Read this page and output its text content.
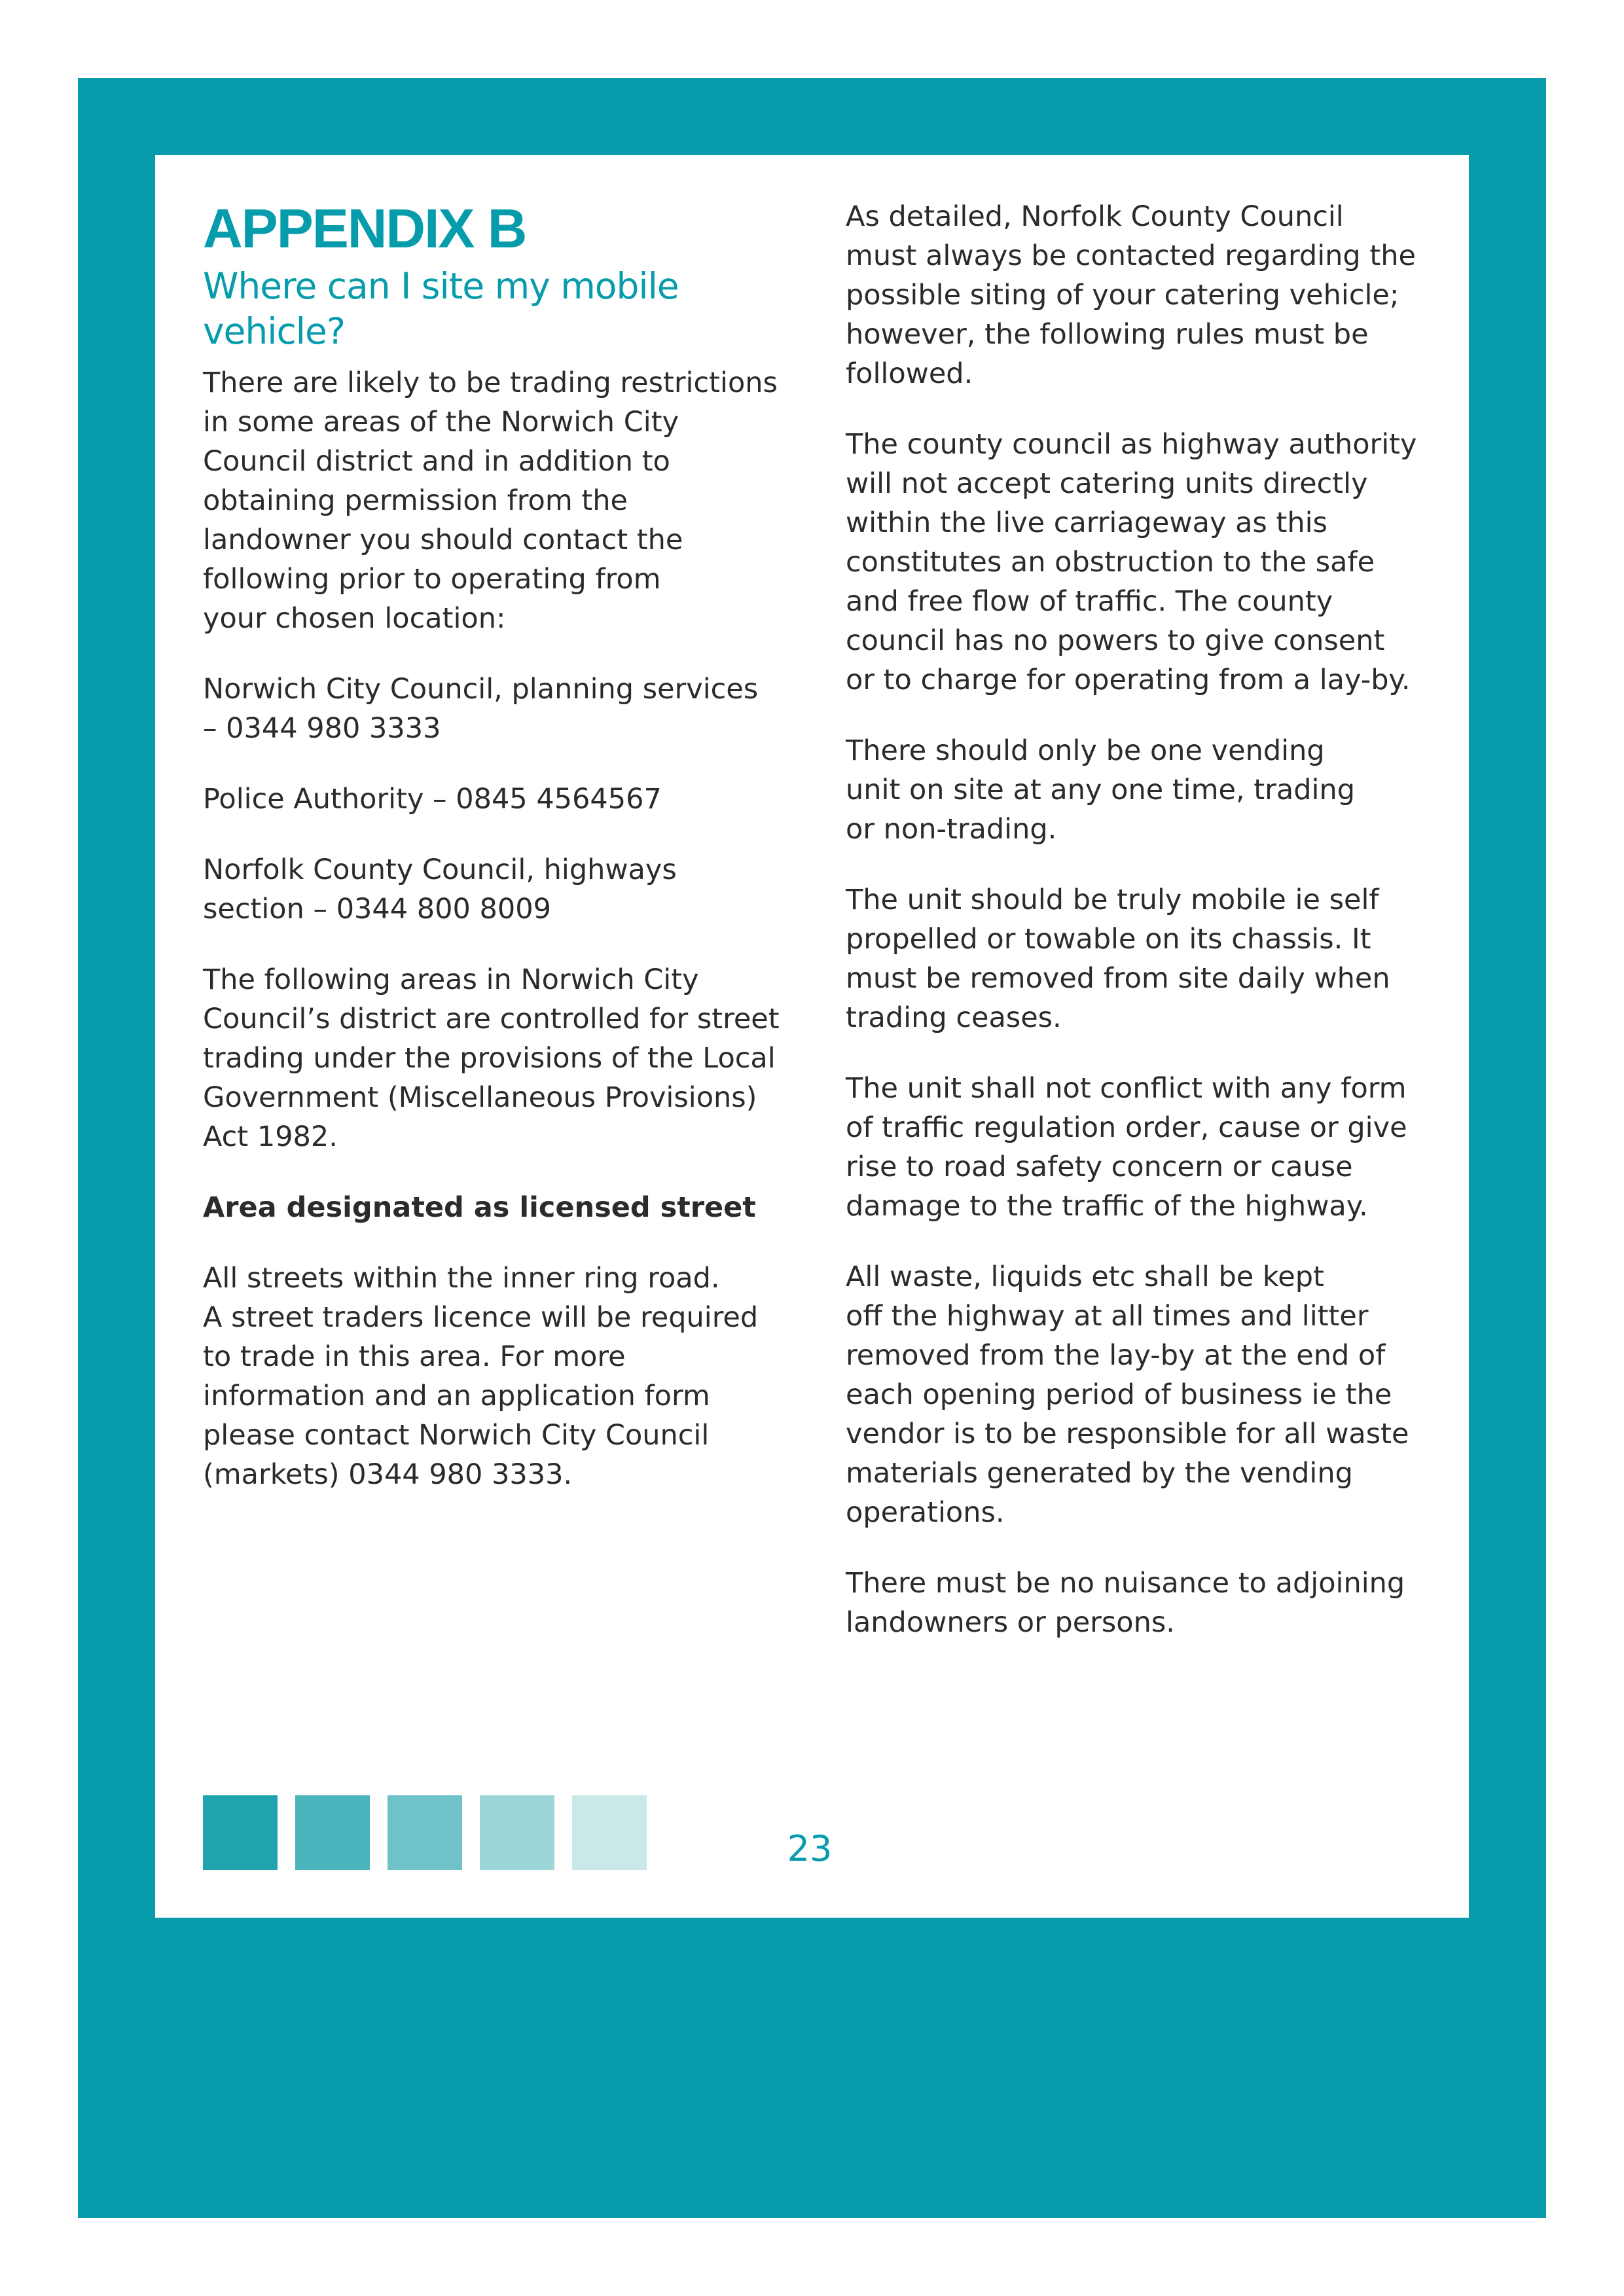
APPENDIX B
Where can I site my mobile vehicle?

There are likely to be trading restrictions
in some areas of the Norwich City
Council district and in addition to
obtaining permission from the
landowner you should contact the
following prior to operating from
your chosen location:

Norwich City Council, planning services
– 0344 980 3333

Police Authority – 0845 4564567

Norfolk County Council, highways
section – 0344 800 8009

The following areas in Norwich City
Council’s district are controlled for street
trading under the provisions of the Local
Government (Miscellaneous Provisions)
Act 1982.

Area designated as licensed street

All streets within the inner ring road.
A street traders licence will be required
to trade in this area. For more
information and an application form
please contact Norwich City Council
(markets) 0344 980 3333.

As detailed, Norfolk County Council
must always be contacted regarding the
possible siting of your catering vehicle;
however, the following rules must be
followed.

The county council as highway authority
will not accept catering units directly
within the live carriageway as this
constitutes an obstruction to the safe
and free flow of traffic. The county
council has no powers to give consent
or to charge for operating from a lay-by.

There should only be one vending
unit on site at any one time, trading
or non-trading.

The unit should be truly mobile ie self
propelled or towable on its chassis. It
must be removed from site daily when
trading ceases.

The unit shall not conflict with any form
of traffic regulation order, cause or give
rise to road safety concern or cause
damage to the traffic of the highway.

All waste, liquids etc shall be kept
off the highway at all times and litter
removed from the lay-by at the end of
each opening period of business ie the
vendor is to be responsible for all waste
materials generated by the vending
operations.

There must be no nuisance to adjoining
landowners or persons.

23
